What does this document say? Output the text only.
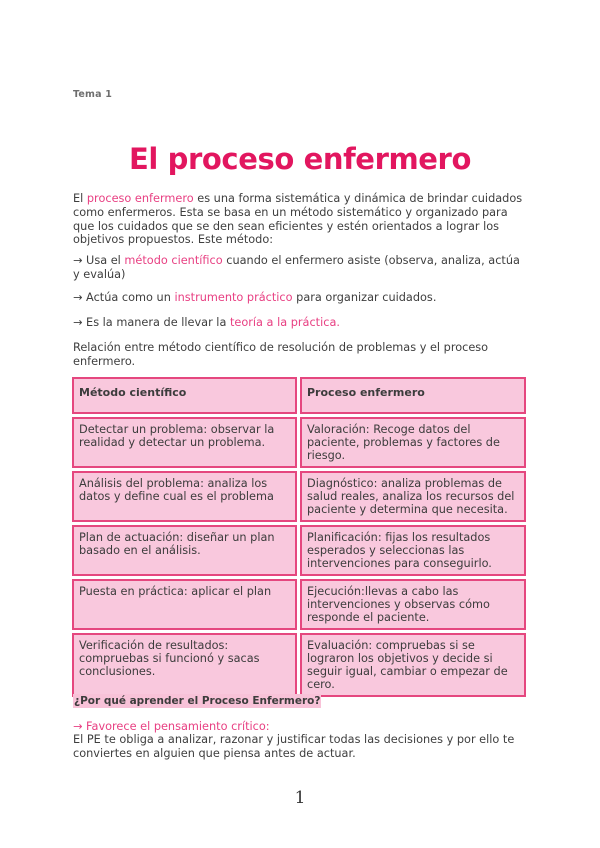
Tema 1
El proceso enfermero
El proceso enfermero es una forma sistemática y dinámica de brindar cuidados como enfermeros. Esta se basa en un método sistemático y organizado para que los cuidados que se den sean eficientes y estén orientados a lograr los objetivos propuestos. Este método:
→ Usa el método científico cuando el enfermero asiste (observa, analiza, actúa y evalúa)
→ Actúa como un instrumento práctico para organizar cuidados.
→ Es la manera de llevar la teoría a la práctica.
Relación entre método científico de resolución de problemas y el proceso enfermero.
Método científico		Proceso enfermero

Detectar un problema: observar la realidad y detectar un problema.		Valoración: Recoge datos del paciente, problemas y factores de riesgo.

Análisis del problema: analiza los datos y define cual es el problema		Diagnóstico: analiza problemas de salud reales, analiza los recursos del paciente y determina que necesita.

Plan de actuación: diseñar un plan basado en el análisis.		Planificación: fijas los resultados esperados y seleccionas las intervenciones para conseguirlo.

Puesta en práctica: aplicar el plan		Ejecución:llevas a cabo las intervenciones y observas cómo responde el paciente.

Verificación de resultados: compruebas si funcionó y sacas conclusiones.		Evaluación: compruebas si se lograron los objetivos y decide si seguir igual, cambiar o empezar de cero.
¿Por qué aprender el Proceso Enfermero?
→ Favorece el pensamiento crítico:
El PE te obliga a analizar, razonar y justificar todas las decisiones y por ello te conviertes en alguien que piensa antes de actuar.
1
